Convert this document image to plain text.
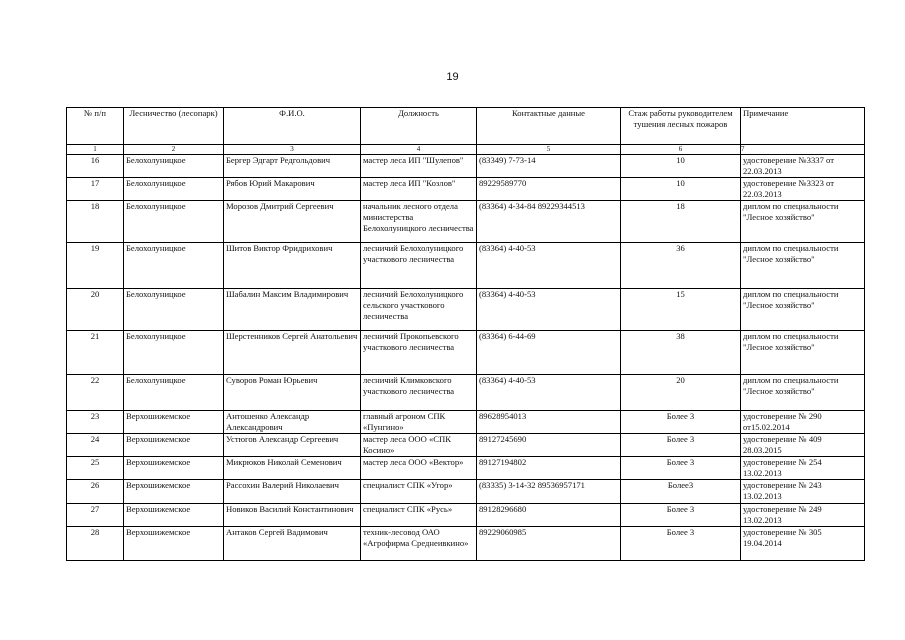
19
№ п/п	Лесничество (лесопарк)	Ф.И.О.	Должность	Контактные данные	Стаж работы руководителем тушения лесных пожаров	Примечание
1	2	3	4	5	6	7
16	Белохолуницкое	Бергер Эдгарт Редгольдович	мастер леса ИП "Шулепов"	(83349) 7-73-14	10	удостоверение №3337 от 22.03.2013
17	Белохолуницкое	Рябов Юрий Макарович	мастер леса ИП "Козлов"	89229589770	10	удостоверение №3323 от 22.03.2013
18	Белохолуницкое	Морозов Дмитрий Сергеевич	начальник лесного отдела министерства Белохолуницкого лесничества	(83364) 4-34-84 89229344513	18	диплом по специальности "Лесное хозяйство"
19	Белохолуницкое	Шитов Виктор Фридрихович	лесничий Белохолуницкого участкового лесничества	(83364) 4-40-53	36	диплом по специальности "Лесное хозяйство"
20	Белохолуницкое	Шабалин Максим Владимирович	лесничий Белохолуницкого сельского участкового лесничества	(83364) 4-40-53	15	диплом по специальности "Лесное хозяйство"
21	Белохолуницкое	Шерстенников Сергей Анатольевич	лесничий Прокопьевского участкового лесничества	(83364) 6-44-69	38	диплом по специальности "Лесное хозяйство"
22	Белохолуницкое	Суворов Роман Юрьевич	лесничий Климковского участкового лесничества	(83364) 4-40-53	20	диплом по специальности "Лесное хозяйство"
23	Верхошижемское	Антошенко Александр Александрович	главный агроном СПК «Пунгино»	89628954013	Более 3	удостоверение № 290 от15.02.2014
24	Верхошижемское	Устюгов Александр Сергеевич	мастер леса ООО «СПК Косино»	89127245690	Более 3	удостоверение № 409 28.03.2015
25	Верхошижемское	Микрюков Николай Семенович	мастер леса ООО «Вектор»	89127194802	Более 3	удостоверение № 254 13.02.2013
26	Верхошижемское	Рассохин Валерий Николаевич	специалист СПК «Угор»	(83335) 3-14-32 89536957171	Более3	удостоверение № 243 13.02.2013
27	Верхошижемское	Новиков Василий Константинович	специалист СПК «Русь»	89128296680	Более 3	удостоверение № 249 13.02.2013
28	Верхошижемское	Антаков Сергей Вадимович	техник-лесовод ОАО «Агрофирма Среднеивкино»	89229060985	Более 3	удостоверение № 305 19.04.2014
